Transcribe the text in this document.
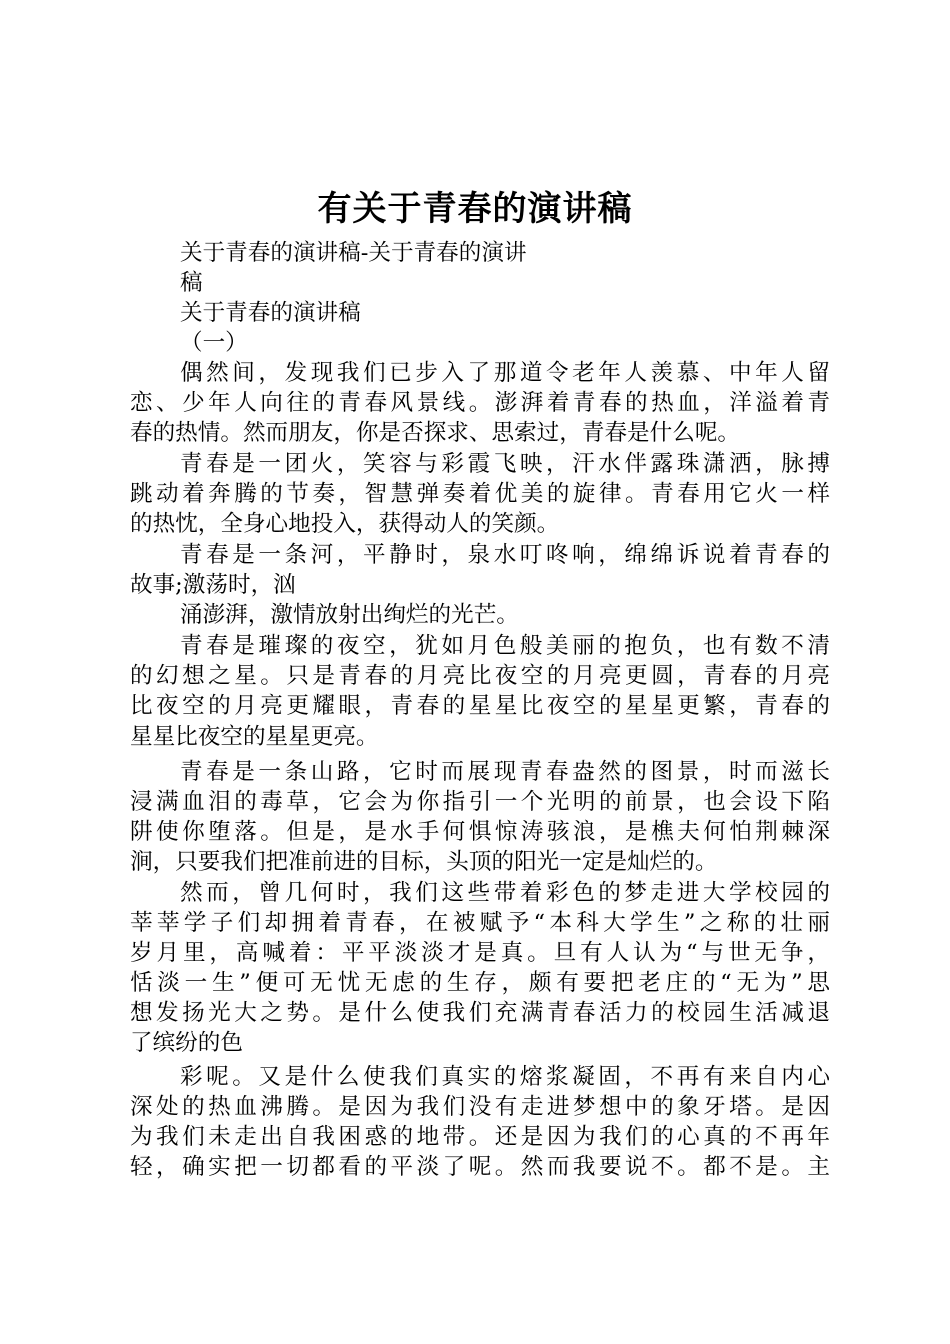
有关于青春的演讲稿
关于青春的演讲稿-关于青春的演讲
稿
关于青春的演讲稿
（一）
偶然间，发现我们已步入了那道令老年人羡慕、中年人留
恋、少年人向往的青春风景线。澎湃着青春的热血，洋溢着青
春的热情。然而朋友，你是否探求、思索过，青春是什么呢。
青春是一团火，笑容与彩霞飞映，汗水伴露珠潇洒，脉搏
跳动着奔腾的节奏，智慧弹奏着优美的旋律。青春用它火一样
的热忱，全身心地投入，获得动人的笑颜。
青春是一条河，平静时，泉水叮咚响，绵绵诉说着青春的
故事;激荡时，汹
涌澎湃，激情放射出绚烂的光芒。
青春是璀璨的夜空，犹如月色般美丽的抱负，也有数不清
的幻想之星。只是青春的月亮比夜空的月亮更圆，青春的月亮
比夜空的月亮更耀眼，青春的星星比夜空的星星更繁，青春的
星星比夜空的星星更亮。
青春是一条山路，它时而展现青春盎然的图景，时而滋长
浸满血泪的毒草，它会为你指引一个光明的前景，也会设下陷
阱使你堕落。但是，是水手何惧惊涛骇浪，是樵夫何怕荆棘深
涧，只要我们把准前进的目标，头顶的阳光一定是灿烂的。
然而，曾几何时，我们这些带着彩色的梦走进大学校园的
莘莘学子们却拥着青春，在被赋予“本科大学生”之称的壮丽
岁月里，高喊着：平平淡淡才是真。旦有人认为“与世无争，
恬淡一生”便可无忧无虑的生存，颇有要把老庄的“无为”思
想发扬光大之势。是什么使我们充满青春活力的校园生活减退
了缤纷的色
彩呢。又是什么使我们真实的熔浆凝固，不再有来自内心
深处的热血沸腾。是因为我们没有走进梦想中的象牙塔。是因
为我们未走出自我困惑的地带。还是因为我们的心真的不再年
轻，确实把一切都看的平淡了呢。然而我要说不。都不是。主
